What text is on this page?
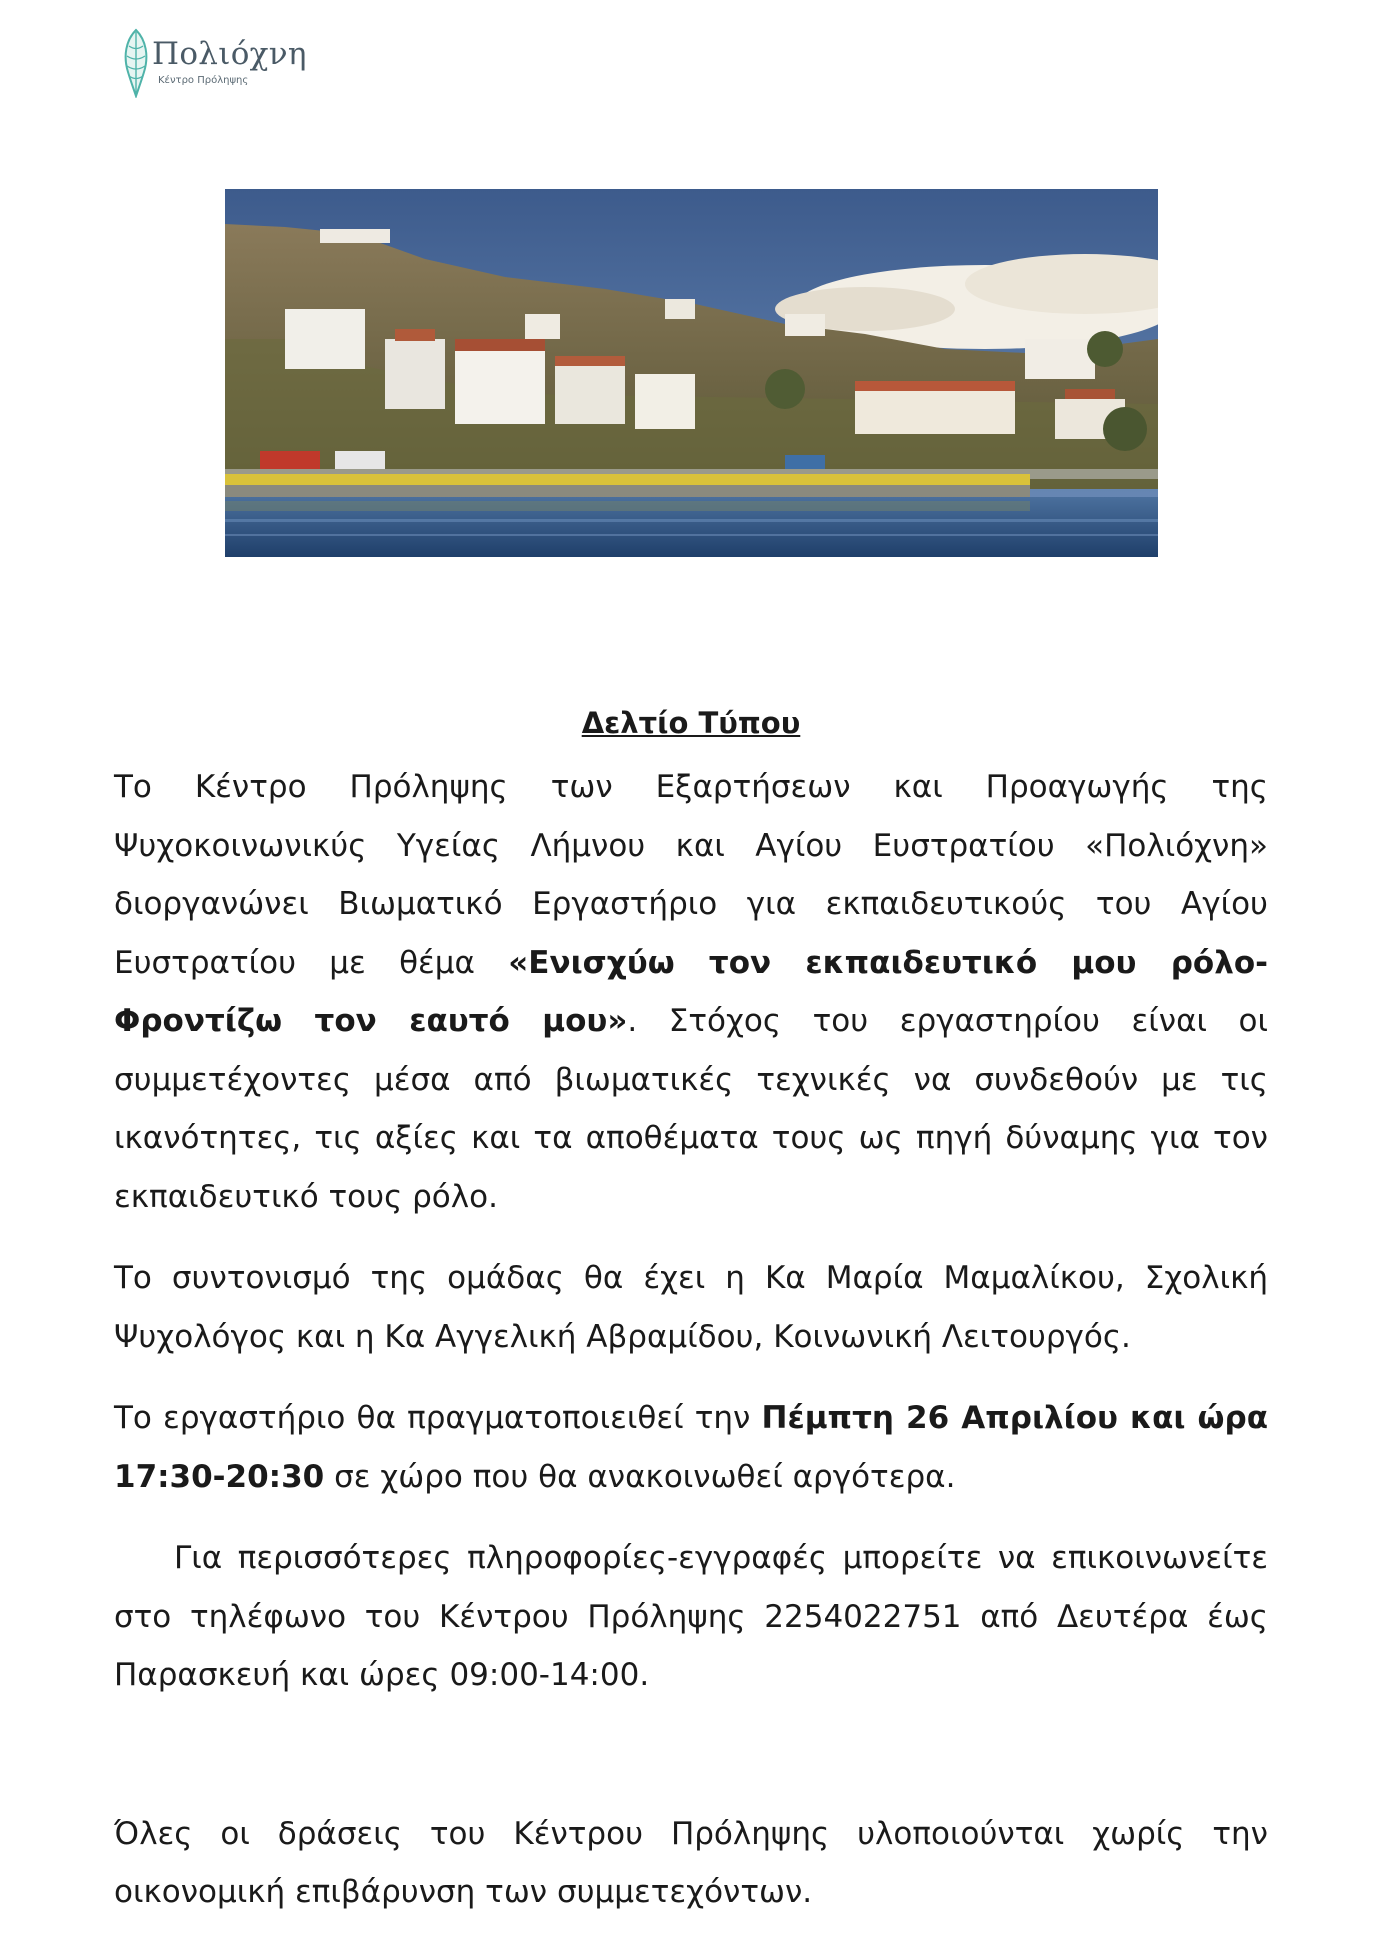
Πολιόχνη
Κέντρο Πρόληψης
Δελτίο Τύπου

Το Κέντρο Πρόληψης των Εξαρτήσεων και Προαγωγής της Ψυχοκοινωνικύς Υγείας Λήμνου και Αγίου Ευστρατίου «Πολιόχνη» διοργανώνει Βιωματικό Εργαστήριο για εκπαιδευτικούς του Αγίου Ευστρατίου με θέμα «Ενισχύω τον εκπαιδευτικό μου ρόλο-Φροντίζω τον εαυτό μου». Στόχος του εργαστηρίου είναι οι συμμετέχοντες μέσα από βιωματικές τεχνικές να συνδεθούν με τις ικανότητες, τις αξίες και τα αποθέματα τους ως πηγή δύναμης για τον εκπαιδευτικό τους ρόλο.

Το συντονισμό της ομάδας θα έχει η Κα Μαρία Μαμαλίκου, Σχολική Ψυχολόγος και η Κα Αγγελική Αβραμίδου, Κοινωνική Λειτουργός.

Το εργαστήριο θα πραγματοποιειθεί την Πέμπτη 26 Απριλίου και ώρα 17:30-20:30 σε χώρο που θα ανακοινωθεί αργότερα.

Για περισσότερες πληροφορίες-εγγραφές μπορείτε να επικοινωνείτε στο τηλέφωνο του Κέντρου Πρόληψης 2254022751 από Δευτέρα έως Παρασκευή και ώρες 09:00-14:00.

Όλες οι δράσεις του Κέντρου Πρόληψης υλοποιούνται χωρίς την οικονομική επιβάρυνση των συμμετεχόντων.
